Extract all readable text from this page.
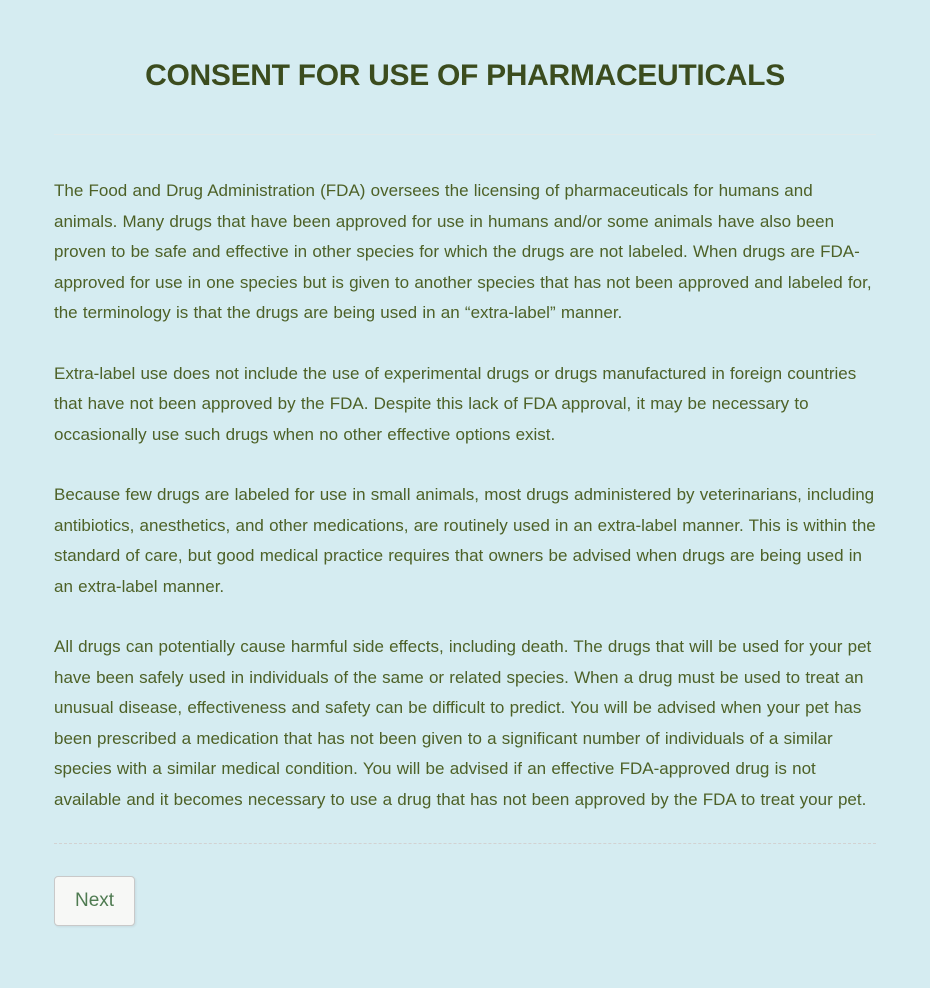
CONSENT FOR USE OF PHARMACEUTICALS

The Food and Drug Administration (FDA) oversees the licensing of pharmaceuticals for humans and animals. Many drugs that have been approved for use in humans and/or some animals have also been proven to be safe and effective in other species for which the drugs are not labeled. When drugs are FDA-approved for use in one species but is given to another species that has not been approved and labeled for, the terminology is that the drugs are being used in an “extra-label” manner.

Extra-label use does not include the use of experimental drugs or drugs manufactured in foreign countries that have not been approved by the FDA. Despite this lack of FDA approval, it may be necessary to occasionally use such drugs when no other effective options exist.

Because few drugs are labeled for use in small animals, most drugs administered by veterinarians, including antibiotics, anesthetics, and other medications, are routinely used in an extra-label manner. This is within the standard of care, but good medical practice requires that owners be advised when drugs are being used in an extra-label manner.

All drugs can potentially cause harmful side effects, including death. The drugs that will be used for your pet have been safely used in individuals of the same or related species. When a drug must be used to treat an unusual disease, effectiveness and safety can be difficult to predict. You will be advised when your pet has been prescribed a medication that has not been given to a significant number of individuals of a similar species with a similar medical condition. You will be advised if an effective FDA-approved drug is not available and it becomes necessary to use a drug that has not been approved by the FDA to treat your pet.

Next
